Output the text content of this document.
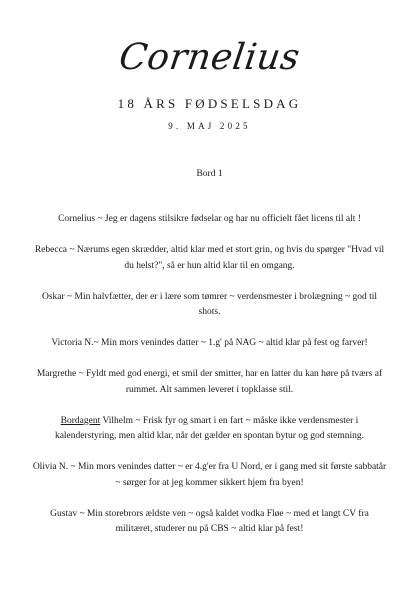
Cornelius
18 ÅRS FØDSELSDAG
9. MAJ 2025
Bord 1

Cornelius ~ Jeg er dagens stilsikre fødselar og har nu officielt fået licens til alt !

Rebecca ~ Nærums egen skrædder, altid klar med et stort grin, og hvis du spørger "Hvad vil du helst?", så er hun altid klar til en omgang.

Oskar ~ Min halvfætter, der er i lære som tømrer ~ verdensmester i brolægning ~ god til shots.

Victoria N.~ Min mors venindes datter ~ 1.g' på NAG ~ altid klar på fest og farver!

Margrethe ~ Fyldt med god energi, et smil der smitter, har en latter du kan høre på tværs af rummet. Alt sammen leveret i topklasse stil.

Bordagent Vilhelm ~ Frisk fyr og smart i en fart ~ måske ikke verdensmester i kalenderstyring, men altid klar, når det gælder en spontan bytur og god stemning.

Olivia N. ~ Min mors venindes datter ~ er 4.g'er fra U Nord, er i gang med sit første sabbatår ~ sørger for at jeg kommer sikkert hjem fra byen!

Gustav ~ Min storebrors ældste ven ~ også kaldet vodka Fløe ~ med et langt CV fra militæret, studerer nu på CBS ~ altid klar på fest!
